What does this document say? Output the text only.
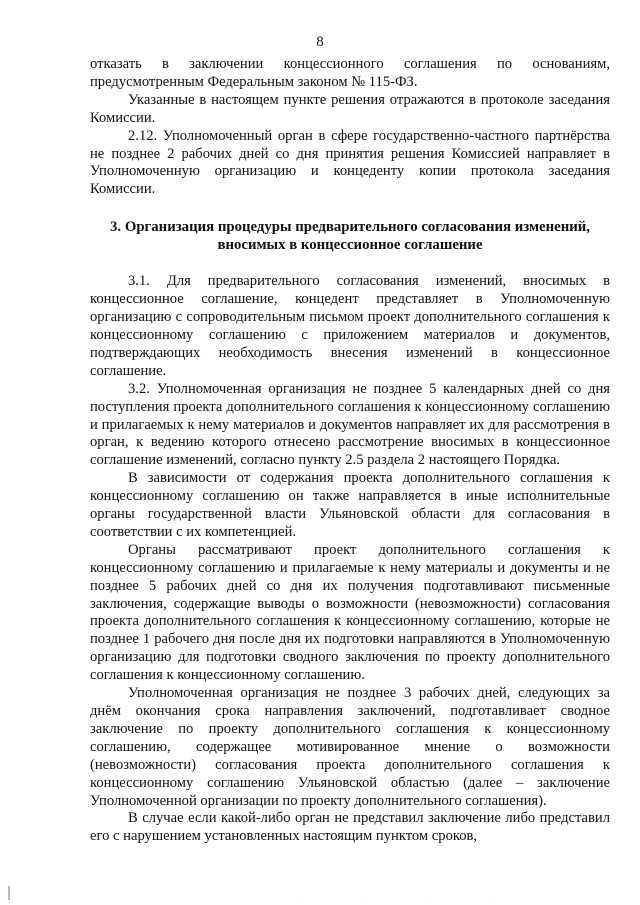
8

отказать в заключении концессионного соглашения по основаниям, предусмотренным Федеральным законом № 115-ФЗ.

Указанные в настоящем пункте решения отражаются в протоколе заседания Комиссии.

2.12. Уполномоченный орган в сфере государственно-частного партнёрства не позднее 2 рабочих дней со дня принятия решения Комиссией направляет в Уполномоченную организацию и концеденту копии протокола заседания Комиссии.

3. Организация процедуры предварительного согласования изменений, вносимых в концессионное соглашение

3.1. Для предварительного согласования изменений, вносимых в концессионное соглашение, концедент представляет в Уполномоченную организацию с сопроводительным письмом проект дополнительного соглашения к концессионному соглашению с приложением материалов и документов, подтверждающих необходимость внесения изменений в концессионное соглашение.

3.2. Уполномоченная организация не позднее 5 календарных дней со дня поступления проекта дополнительного соглашения к концессионному соглашению и прилагаемых к нему материалов и документов направляет их для рассмотрения в орган, к ведению которого отнесено рассмотрение вносимых в концессионное соглашение изменений, согласно пункту 2.5 раздела 2 настоящего Порядка.

В зависимости от содержания проекта дополнительного соглашения к концессионному соглашению он также направляется в иные исполнительные органы государственной власти Ульяновской области для согласования в соответствии с их компетенцией.

Органы рассматривают проект дополнительного соглашения к концессионному соглашению и прилагаемые к нему материалы и документы и не позднее 5 рабочих дней со дня их получения подготавливают письменные заключения, содержащие выводы о возможности (невозможности) согласования проекта дополнительного соглашения к концессионному соглашению, которые не позднее 1 рабочего дня после дня их подготовки направляются в Уполномоченную организацию для подготовки сводного заключения по проекту дополнительного соглашения к концессионному соглашению.

Уполномоченная организация не позднее 3 рабочих дней, следующих за днём окончания срока направления заключений, подготавливает сводное заключение по проекту дополнительного соглашения к концессионному соглашению, содержащее мотивированное мнение о возможности (невозможности) согласования проекта дополнительного соглашения к концессионному соглашению Ульяновской областью (далее – заключение Уполномоченной организации по проекту дополнительного соглашения).

В случае если какой-либо орган не представил заключение либо представил его с нарушением установленных настоящим пунктом сроков,

· · · ·
